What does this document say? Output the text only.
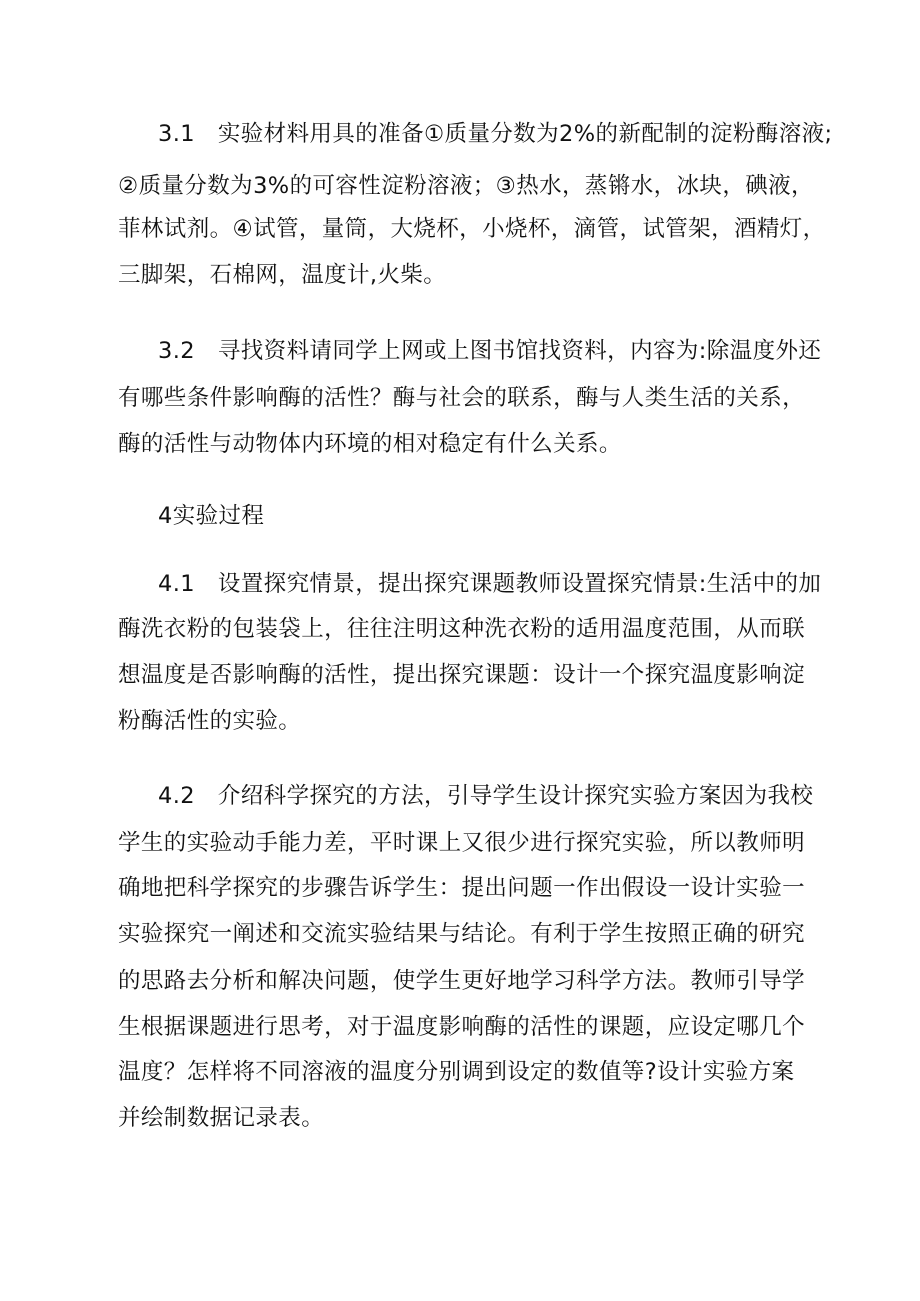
3.1　实验材料用具的准备①质量分数为2%的新配制的淀粉酶溶液;
②质量分数为3%的可容性淀粉溶液；③热水，蒸锵水，冰块，碘液，
菲林试剂。④试管，量筒，大烧杯，小烧杯，滴管，试管架，酒精灯，
三脚架，石棉网，温度计,火柴。
3.2　寻找资料请同学上网或上图书馆找资料，内容为:除温度外还
有哪些条件影响酶的活性？酶与社会的联系，酶与人类生活的关系，
酶的活性与动物体内环境的相对稳定有什么关系。
4实验过程
4.1　设置探究情景，提出探究课题教师设置探究情景:生活中的加
酶洗衣粉的包装袋上，往往注明这种洗衣粉的适用温度范围，从而联
想温度是否影响酶的活性，提出探究课题：设计一个探究温度影响淀
粉酶活性的实验。
4.2　介绍科学探究的方法，引导学生设计探究实验方案因为我校
学生的实验动手能力差，平时课上又很少进行探究实验，所以教师明
确地把科学探究的步骤告诉学生：提出问题一作出假设一设计实验一
实验探究一阐述和交流实验结果与结论。有利于学生按照正确的研究
的思路去分析和解决问题，使学生更好地学习科学方法。教师引导学
生根据课题进行思考，对于温度影响酶的活性的课题，应设定哪几个
温度？怎样将不同溶液的温度分别调到设定的数值等?设计实验方案
并绘制数据记录表。
